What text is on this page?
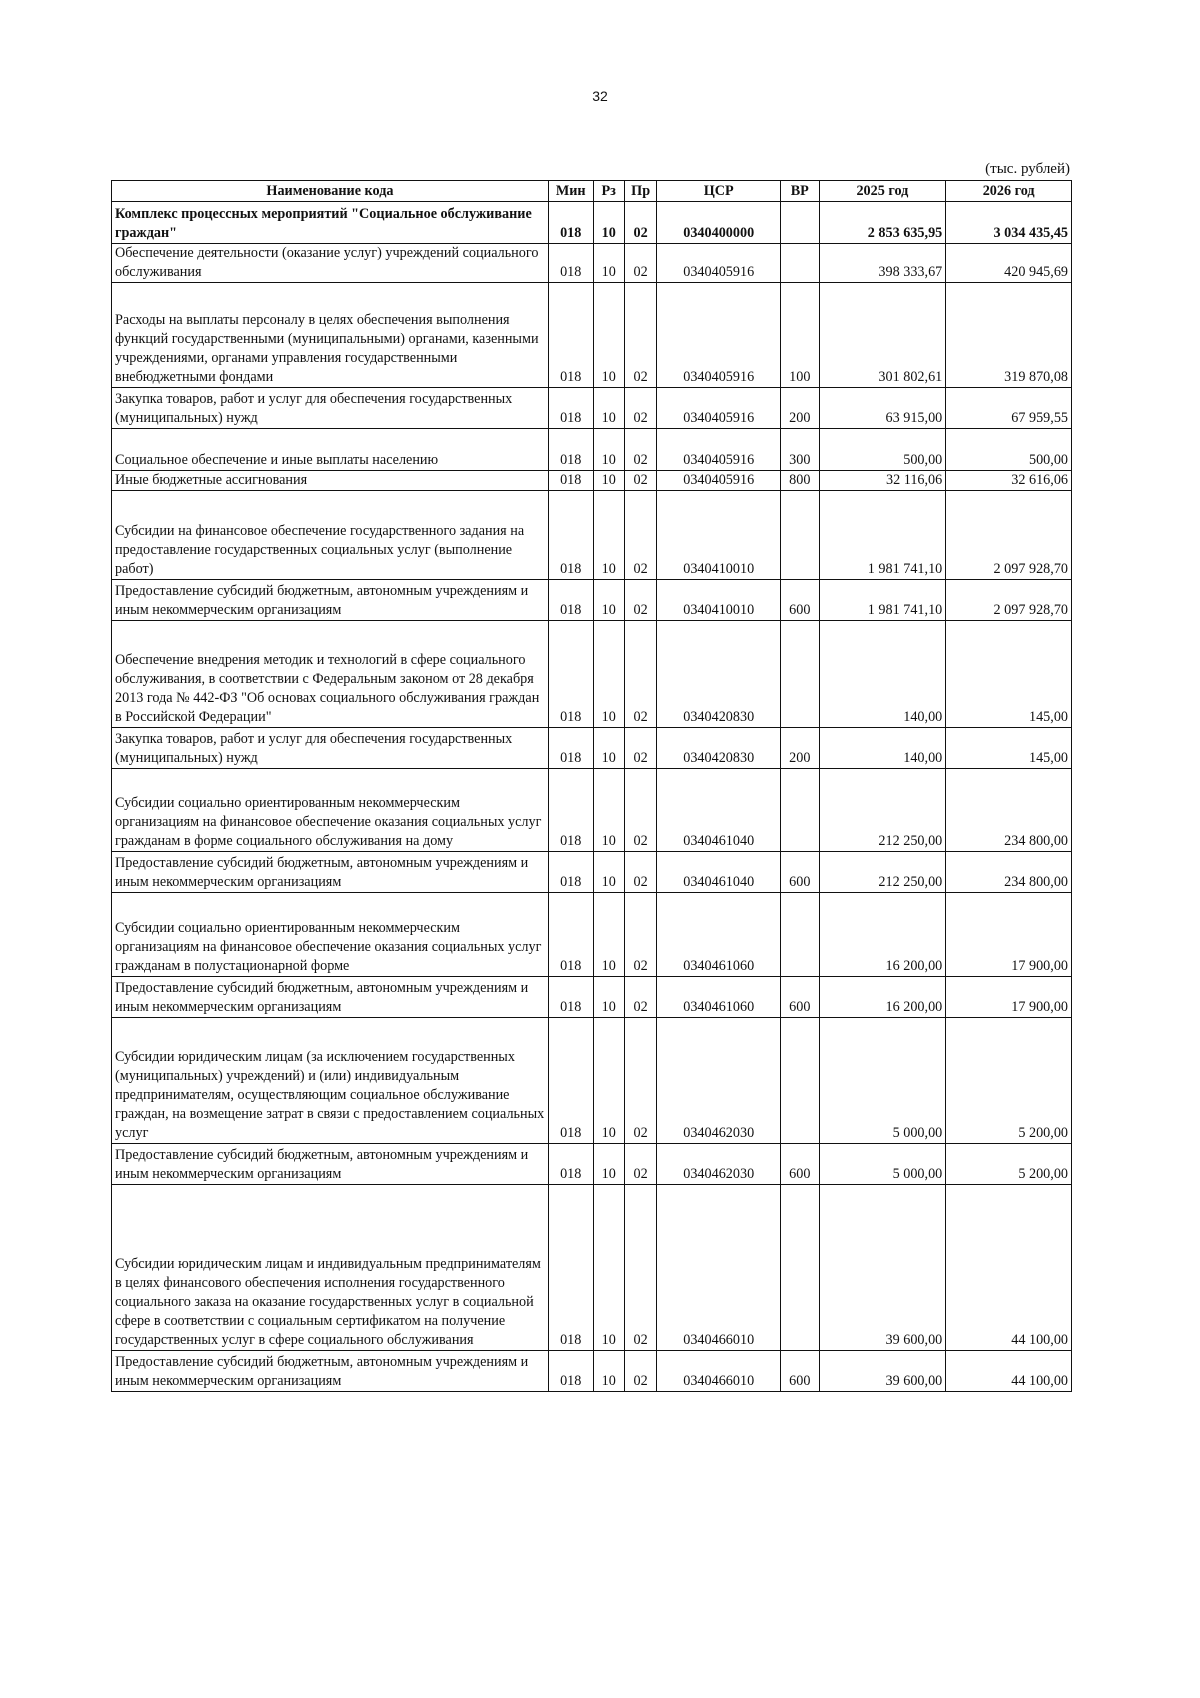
32
(тыс. рублей)
Наименование кода	Мин	Рз	Пр	ЦСР	ВР	2025 год	2026 год
Комплекс процессных мероприятий "Социальное обслуживание граждан"	018	10	02	0340400000		2 853 635,95	3 034 435,45
Обеспечение деятельности (оказание услуг) учреждений социального обслуживания	018	10	02	0340405916		398 333,67	420 945,69
Расходы на выплаты персоналу в целях обеспечения выполнения функций государственными (муниципальными) органами, казенными учреждениями, органами управления государственными внебюджетными фондами	018	10	02	0340405916	100	301 802,61	319 870,08
Закупка товаров, работ и услуг для обеспечения государственных (муниципальных) нужд	018	10	02	0340405916	200	63 915,00	67 959,55
Социальное обеспечение и иные выплаты населению	018	10	02	0340405916	300	500,00	500,00
Иные бюджетные ассигнования	018	10	02	0340405916	800	32 116,06	32 616,06
Субсидии на финансовое обеспечение государственного задания на предоставление государственных социальных услуг (выполнение работ)	018	10	02	0340410010		1 981 741,10	2 097 928,70
Предоставление субсидий бюджетным, автономным учреждениям и иным некоммерческим организациям	018	10	02	0340410010	600	1 981 741,10	2 097 928,70
Обеспечение внедрения методик и технологий в сфере социального обслуживания, в соответствии с Федеральным законом от 28 декабря 2013 года № 442-ФЗ "Об основах социального обслуживания граждан в Российской Федерации"	018	10	02	0340420830		140,00	145,00
Закупка товаров, работ и услуг для обеспечения государственных (муниципальных) нужд	018	10	02	0340420830	200	140,00	145,00
Субсидии социально ориентированным некоммерческим организациям на финансовое обеспечение оказания социальных услуг гражданам в форме социального обслуживания на дому	018	10	02	0340461040		212 250,00	234 800,00
Предоставление субсидий бюджетным, автономным учреждениям и иным некоммерческим организациям	018	10	02	0340461040	600	212 250,00	234 800,00
Субсидии социально ориентированным некоммерческим организациям на финансовое обеспечение оказания социальных услуг гражданам в полустационарной форме	018	10	02	0340461060		16 200,00	17 900,00
Предоставление субсидий бюджетным, автономным учреждениям и иным некоммерческим организациям	018	10	02	0340461060	600	16 200,00	17 900,00
Субсидии юридическим лицам (за исключением государственных (муниципальных) учреждений) и (или) индивидуальным предпринимателям, осуществляющим социальное обслуживание граждан, на возмещение затрат в связи с предоставлением социальных услуг	018	10	02	0340462030		5 000,00	5 200,00
Предоставление субсидий бюджетным, автономным учреждениям и иным некоммерческим организациям	018	10	02	0340462030	600	5 000,00	5 200,00
Субсидии юридическим лицам и индивидуальным предпринимателям в целях финансового обеспечения исполнения государственного социального заказа на оказание государственных услуг в социальной сфере в соответствии с социальным сертификатом на получение государственных услуг в сфере социального обслуживания	018	10	02	0340466010		39 600,00	44 100,00
Предоставление субсидий бюджетным, автономным учреждениям и иным некоммерческим организациям	018	10	02	0340466010	600	39 600,00	44 100,00
